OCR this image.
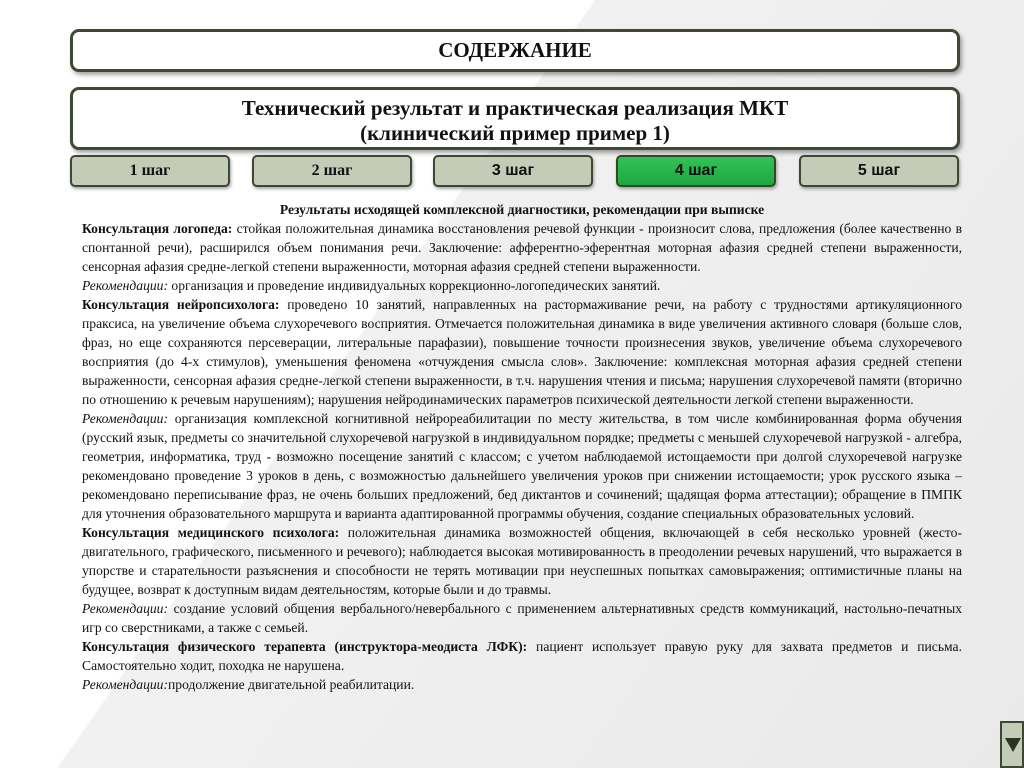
СОДЕРЖАНИЕ
Технический результат и практическая реализация МКТ
(клинический пример пример 1)
1 шаг	2 шаг	3 шаг	4 шаг	5 шаг

Результаты исходящей комплексной диагностики, рекомендации при выписке

Консультация логопеда: стойкая положительная динамика восстановления речевой функции - произносит слова, предложения (более качественно в спонтанной речи), расширился объем понимания речи. Заключение: афферентно-эферентная моторная афазия средней степени выраженности, сенсорная афазия средне-легкой степени выраженности, моторная афазия средней степени выраженности.

Рекомендации: организация и проведение индивидуальных коррекционно-логопедических занятий.

Консультация нейропсихолога: проведено 10 занятий, направленных на растормаживание речи, на работу с трудностями артикуляционного праксиса, на увеличение объема слухоречевого восприятия. Отмечается положительная динамика в виде увеличения активного словаря (больше слов, фраз, но еще сохраняются персеверации, литеральные парафазии), повышение точности произнесения звуков, увеличение объема слухоречевого восприятия (до 4-х стимулов), уменьшения феномена «отчуждения смысла слов». Заключение: комплексная моторная афазия средней степени выраженности, сенсорная афазия средне-легкой степени выраженности, в т.ч. нарушения чтения и письма; нарушения слухоречевой памяти (вторично по отношению к речевым нарушениям); нарушения нейродинамических параметров психической деятельности легкой степени выраженности.

Рекомендации: организация комплексной когнитивной нейрореабилитации по месту жительства, в том числе комбинированная форма обучения (русский язык, предметы со значительной слухоречевой нагрузкой в индивидуальном порядке; предметы с меньшей слухоречевой нагрузкой - алгебра, геометрия, информатика, труд - возможно посещение занятий с классом; с учетом наблюдаемой истощаемости при долгой слухоречевой нагрузке рекомендовано проведение 3 уроков в день, с возможностью дальнейшего увеличения уроков при снижении истощаемости; урок русского языка – рекомендовано переписывание фраз, не очень больших предложений, бед диктантов и сочинений; щадящая форма аттестации); обращение в ПМПК для уточнения образовательного маршрута и варианта адаптированной программы обучения, создание специальных образовательных условий.

Консультация медицинского психолога: положительная динамика возможностей общения, включающей в себя несколько уровней (жесто-двигательного, графического, письменного и речевого); наблюдается высокая мотивированность в преодолении речевых нарушений, что выражается в упорстве и старательности разъяснения и способности не терять мотивации при неуспешных попытках самовыражения; оптимистичные планы на будущее, возврат к доступным видам деятельностям, которые были и до травмы.

Рекомендации: создание условий общения вербального/невербального с применением альтернативных средств коммуникаций, настольно-печатных игр со сверстниками, а также с семьей.

Консультация физического терапевта (инструктора-меодиста ЛФК): пациент использует правую руку для захвата предметов и письма. Самостоятельно ходит, походка не нарушена.

Рекомендации:продолжение двигательной реабилитации.
